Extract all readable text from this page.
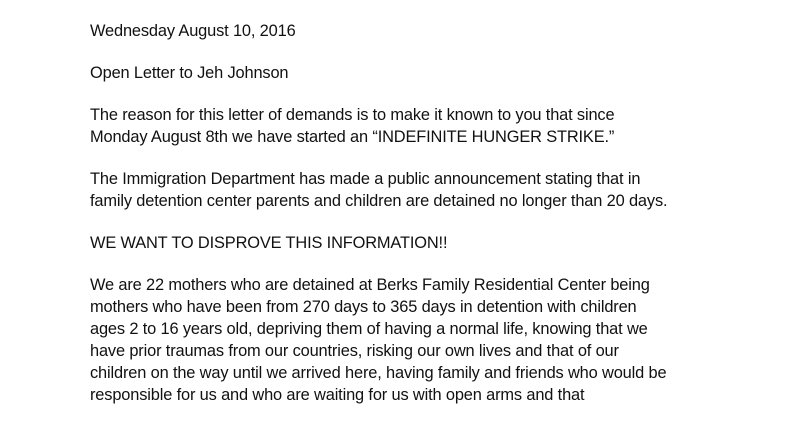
Wednesday August 10, 2016
Open Letter to Jeh Johnson
The reason for this letter of demands is to make it known to you that since
Monday August 8th we have started an “INDEFINITE HUNGER STRIKE.”
The Immigration Department has made a public announcement stating that in
family detention center parents and children are detained no longer than 20 days.
WE WANT TO DISPROVE THIS INFORMATION!!
We are 22 mothers who are detained at Berks Family Residential Center being
mothers who have been from 270 days to 365 days in detention with children
ages 2 to 16 years old, depriving them of having a normal life, knowing that we
have prior traumas from our countries, risking our own lives and that of our
children on the way until we arrived here, having family and friends who would be
responsible for us and who are waiting for us with open arms and that
